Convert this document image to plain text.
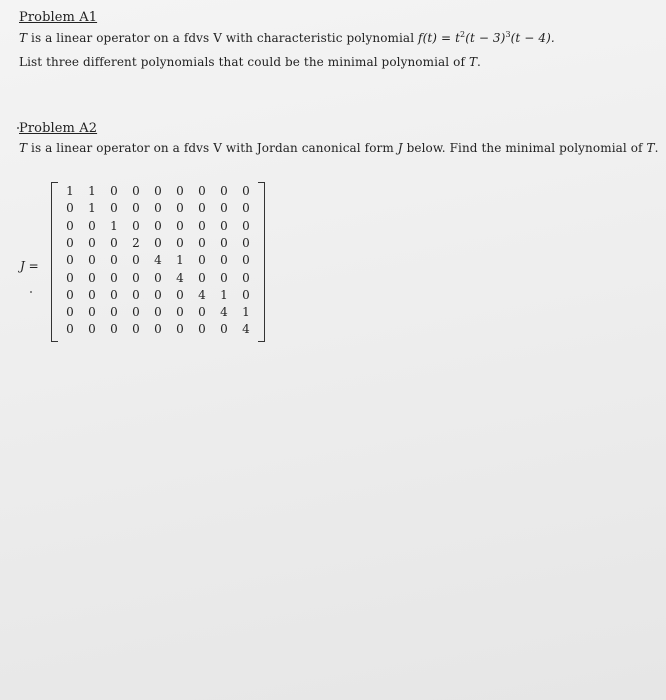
Problem A1
T is a linear operator on a fdvs V with characteristic polynomial $f(t) = t^2(t - 3)^3(t - 4)$.
List three different polynomials that could be the minimal polynomial of T.
Problem A2
T is a linear operator on a fdvs V with Jordan canonical form J below. Find the minimal polynomial of T.
J =
1 1 0 0 0 0 0 0 0
0 1 0 0 0 0 0 0 0
0 0 1 0 0 0 0 0 0
0 0 0 2 0 0 0 0 0
0 0 0 0 4 1 0 0 0
0 0 0 0 0 4 0 0 0
0 0 0 0 0 0 4 1 0
0 0 0 0 0 0 0 4 1
0 0 0 0 0 0 0 0 4
